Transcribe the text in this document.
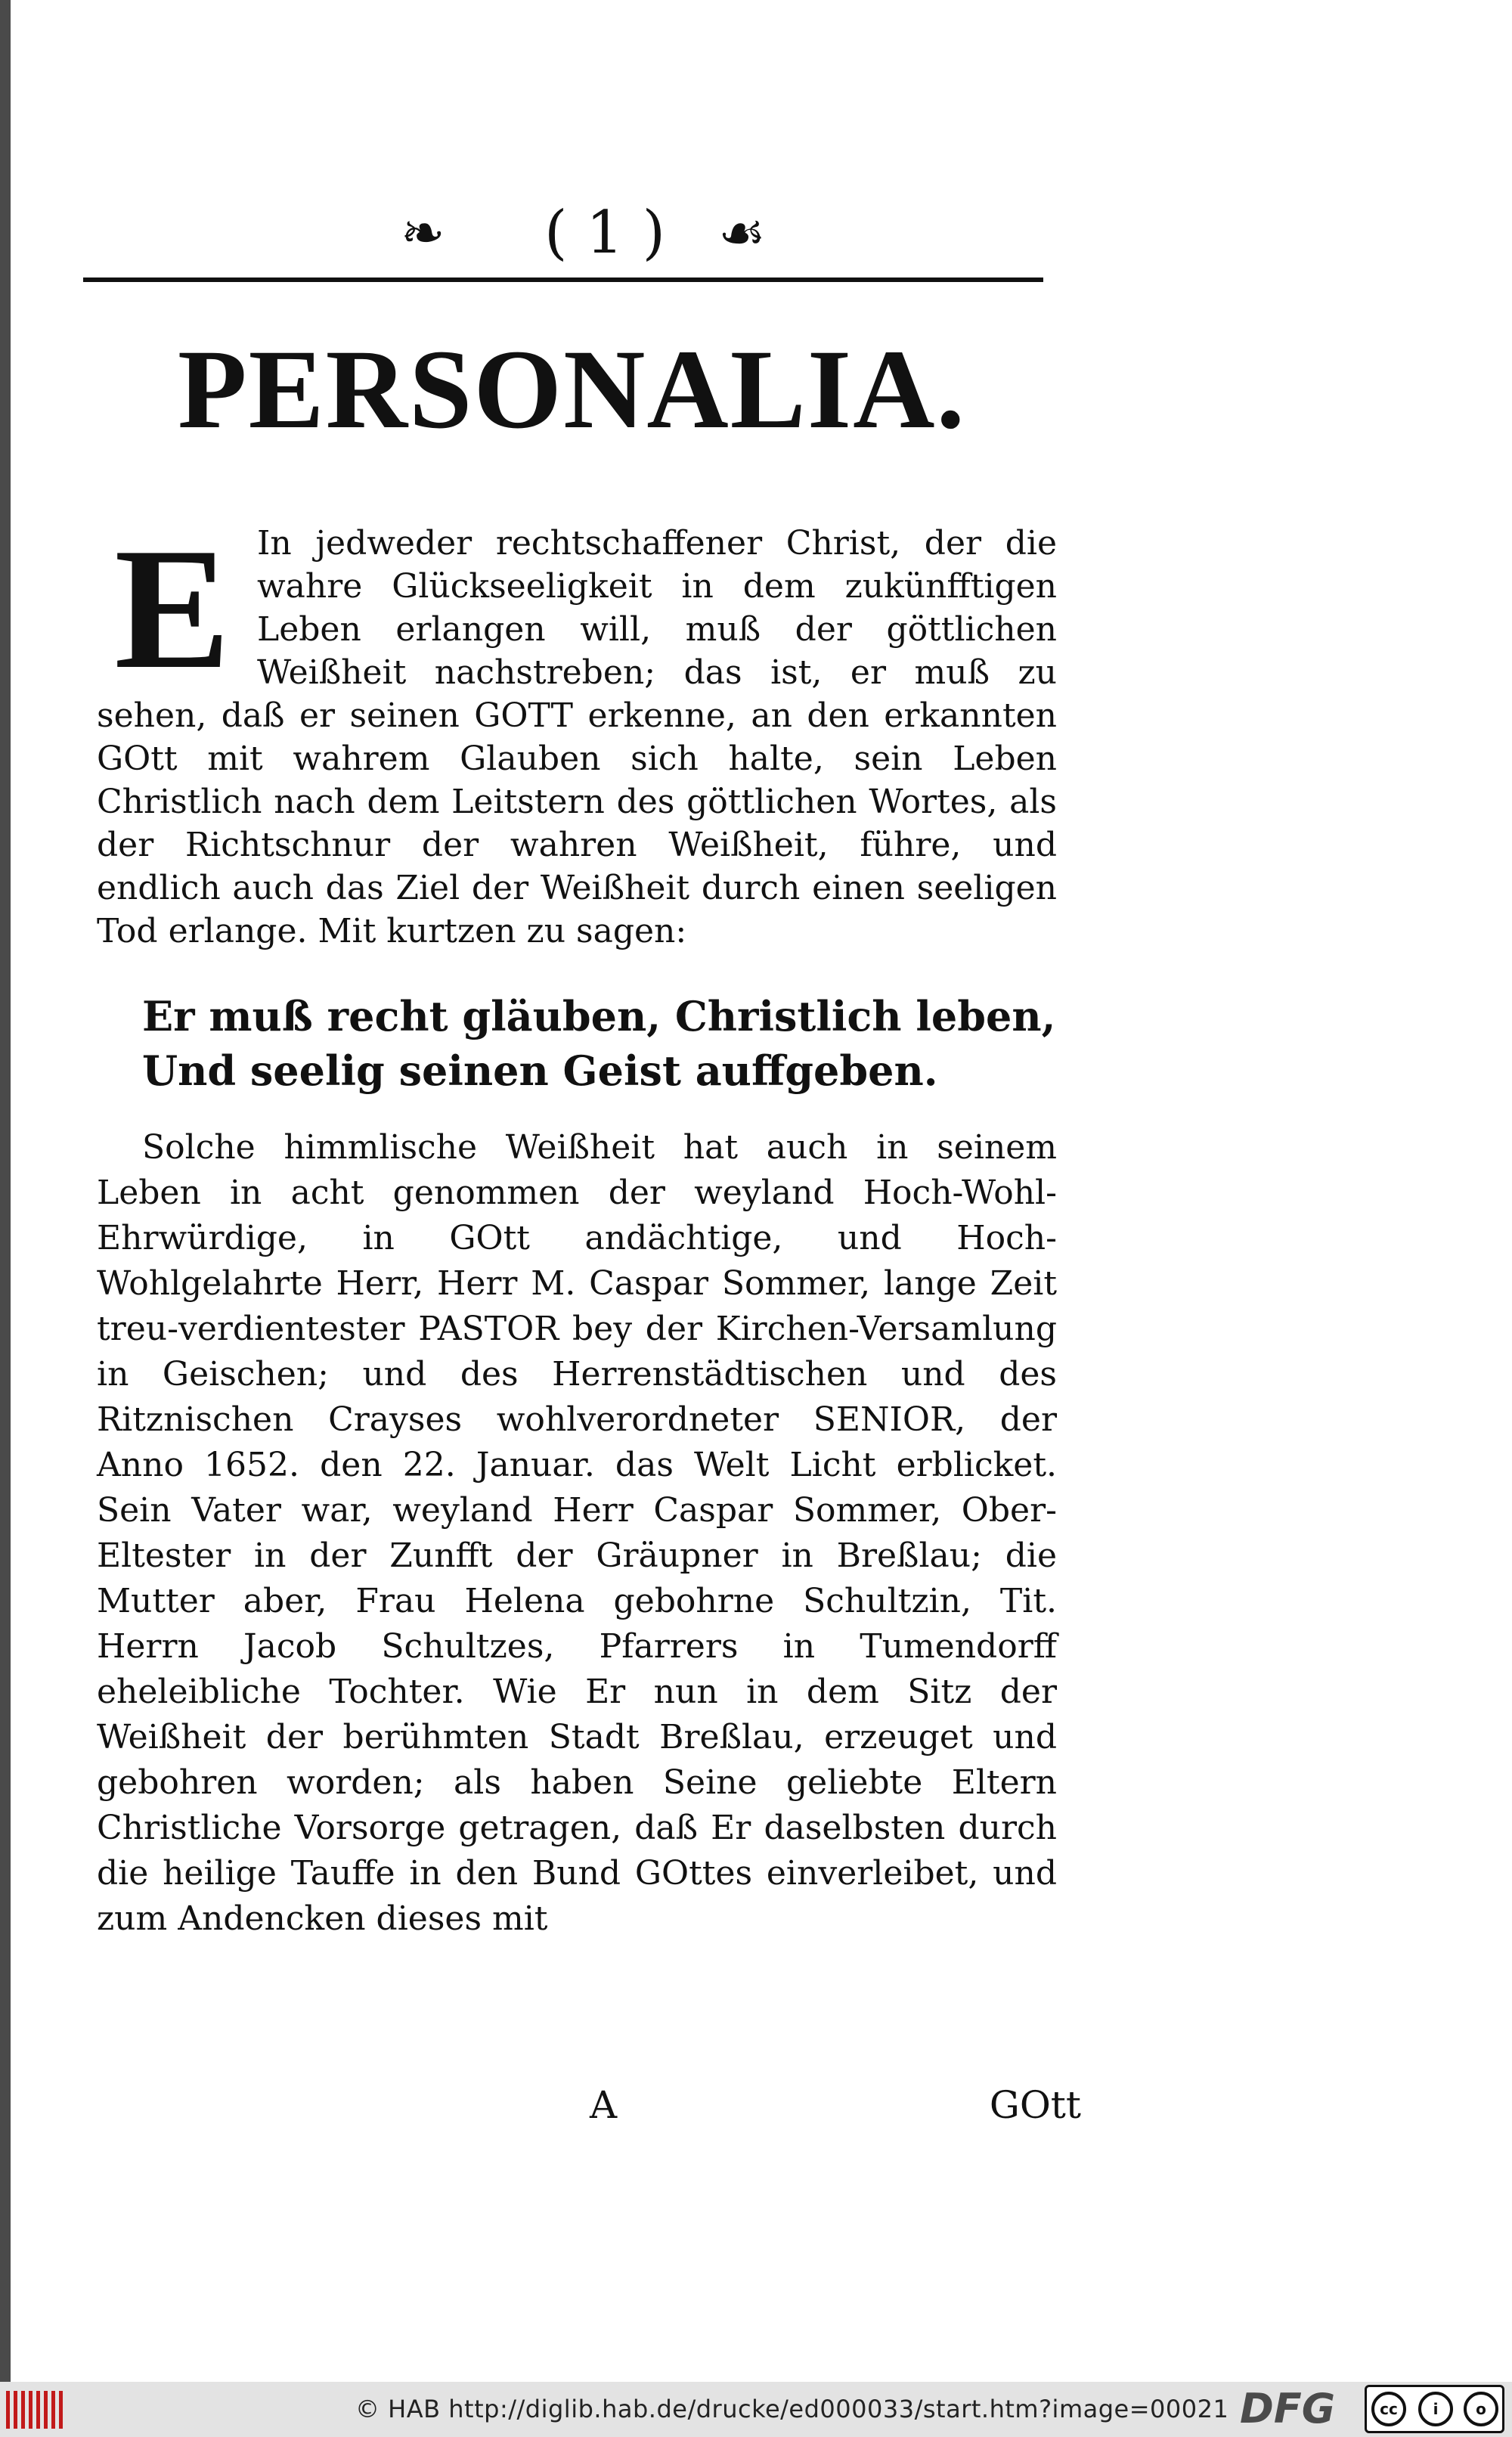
❧	( 1 ) ☙
PERSONALIA.

E In jedweder rechtschaffener Christ, der die wahre Glückseeligkeit in dem zukünfftigen Leben erlangen will, muß der göttlichen Weißheit nachstreben; das ist, er muß zu sehen, daß er seinen GOTT erkenne, an den erkannten GOtt mit wahrem Glauben sich halte, sein Leben Christlich nach dem Leitstern des göttlichen Wortes, als der Richtschnur der wahren Weißheit, führe, und endlich auch das Ziel der Weißheit durch einen seeligen Tod erlange. Mit kurtzen zu sagen:

Er muß recht gläuben, Christlich leben,
Und seelig seinen Geist auffgeben.

Solche himmlische Weißheit hat auch in seinem Leben in acht genommen der weyland Hoch-Wohl-Ehrwürdige, in GOtt andächtige, und Hoch-Wohlgelahrte Herr, Herr M. Caspar Sommer, lange Zeit treu-verdientester PASTOR bey der Kirchen-Versamlung in Geischen; und des Herrenstädtischen und des Ritznischen Crayses wohlverordneter SENIOR, der Anno 1652. den 22. Januar. das Welt Licht erblicket. Sein Vater war, weyland Herr Caspar Sommer, Ober-Eltester in der Zunfft der Gräupner in Breßlau; die Mutter aber, Frau Helena gebohrne Schultzin, Tit. Herrn Jacob Schultzes, Pfarrers in Tumendorff eheleibliche Tochter. Wie Er nun in dem Sitz der Weißheit der berühmten Stadt Breßlau, erzeuget und gebohren worden; als haben Seine geliebte Eltern Christliche Vorsorge getragen, daß Er daselbsten durch die heilige Tauffe in den Bund GOttes einverleibet, und zum Andencken dieses mit

A	GOtt
© HAB http://diglib.hab.de/drucke/ed000033/start.htm?image=00021 DFG	cc	i	o
